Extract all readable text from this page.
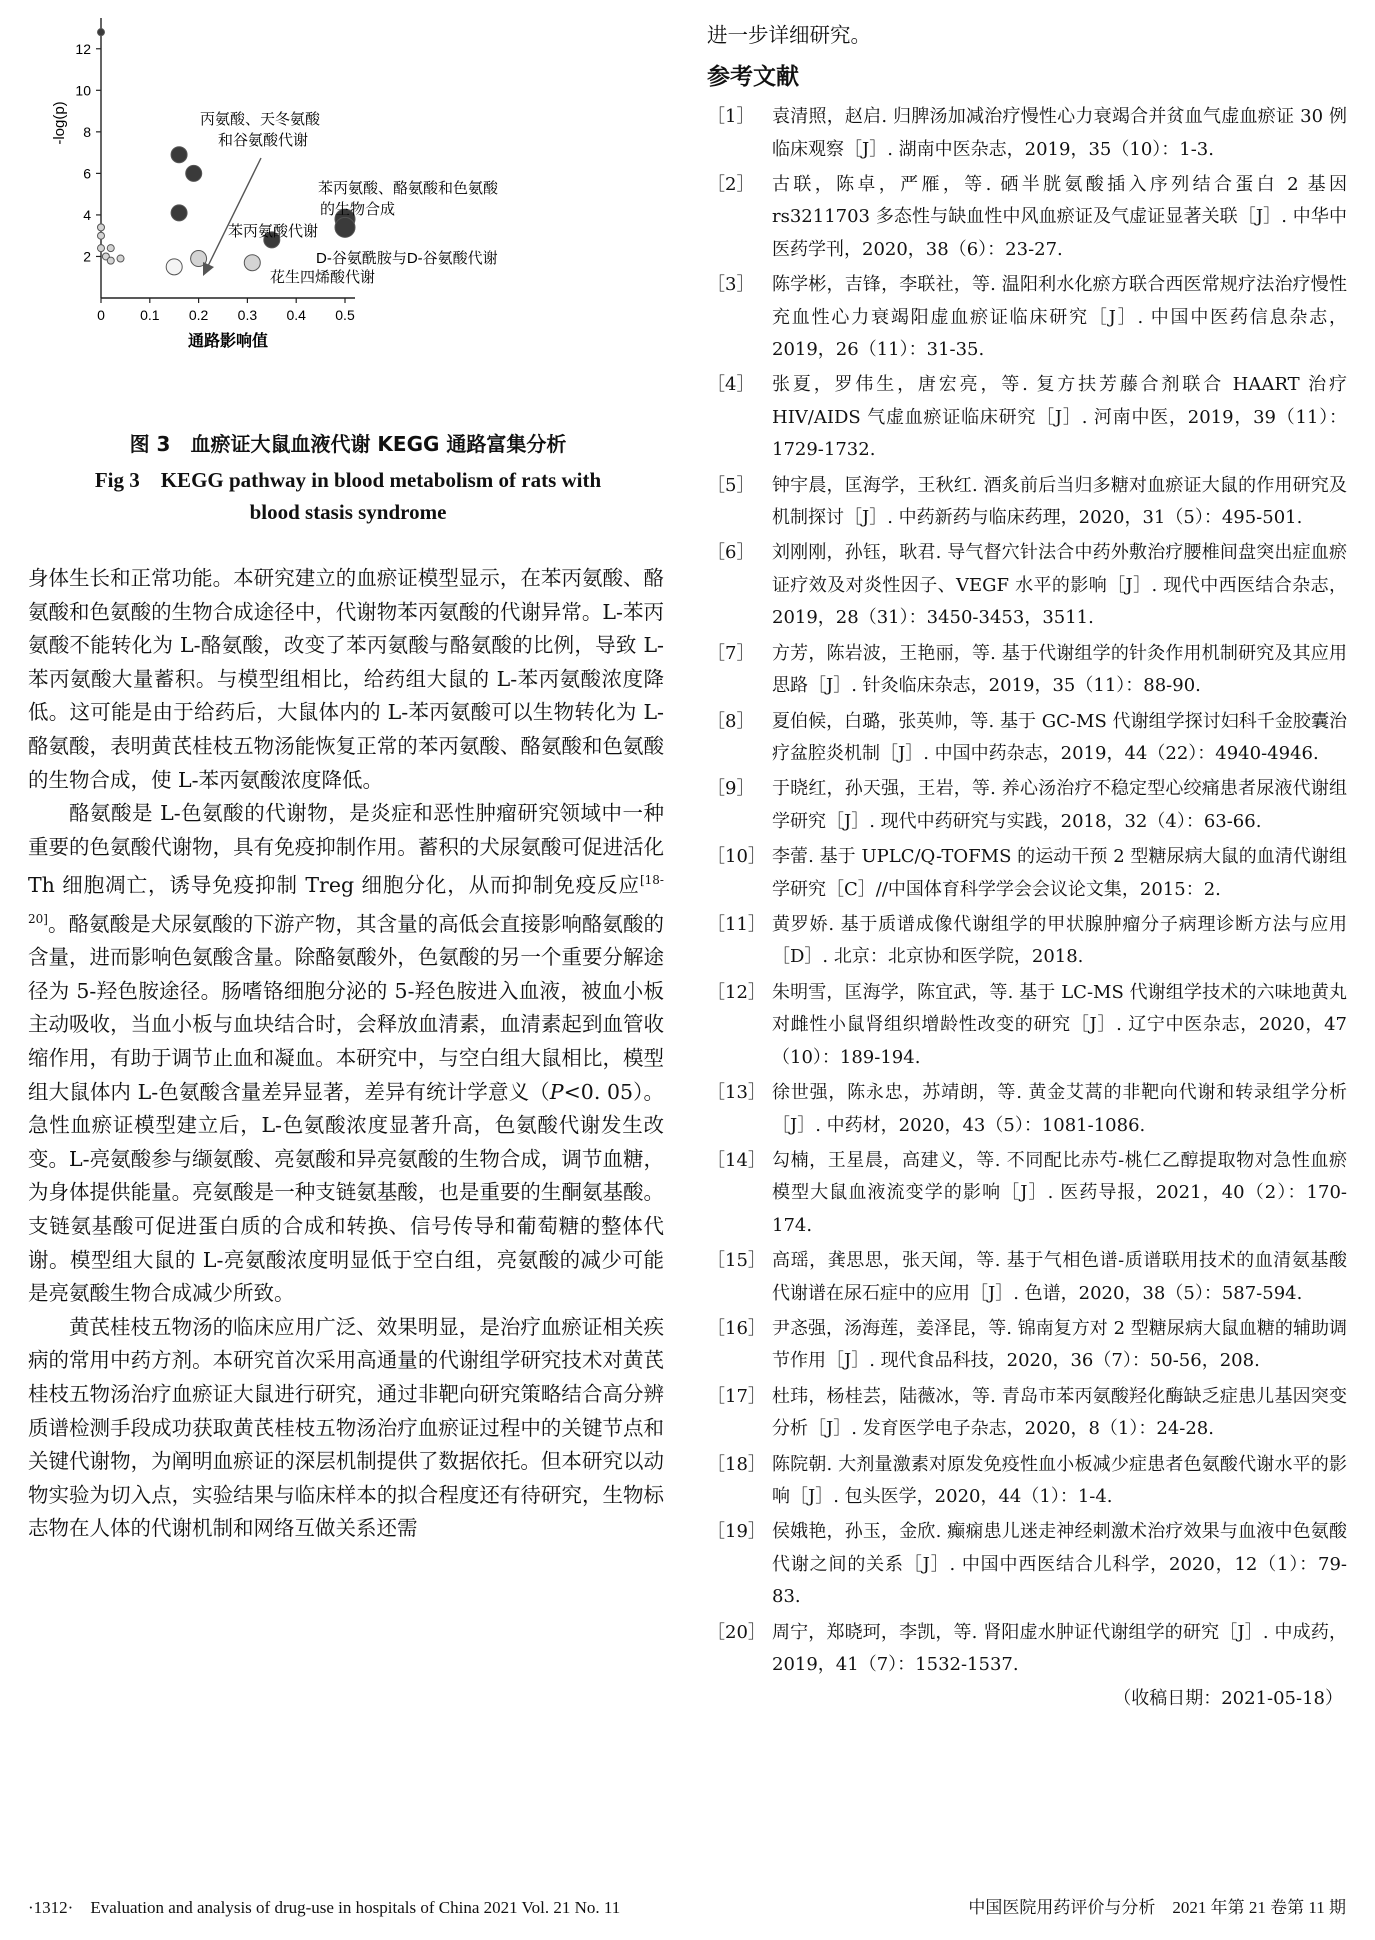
2
4
6
8
10
12
0	0.1 0.2 0.3 0.4 0.5
-log(p)
通路影响值
丙氨酸、天冬氨酸
和谷氨酸代谢
苯丙氨酸、酪氨酸和色氨酸
的生物合成
苯丙氨酸代谢
D-谷氨酰胺与D-谷氨酸代谢
花生四烯酸代谢
图 3　血瘀证大鼠血液代谢 KEGG 通路富集分析
Fig 3　KEGG pathway in blood metabolism of rats with
blood stasis syndrome

身体生长和正常功能。本研究建立的血瘀证模型显示，在苯丙氨酸、酪氨酸和色氨酸的生物合成途径中，代谢物苯丙氨酸的代谢异常。L-苯丙氨酸不能转化为 L-酪氨酸，改变了苯丙氨酸与酪氨酸的比例，导致 L-苯丙氨酸大量蓄积。与模型组相比，给药组大鼠的 L-苯丙氨酸浓度降低。这可能是由于给药后，大鼠体内的 L-苯丙氨酸可以生物转化为 L-酪氨酸，表明黄芪桂枝五物汤能恢复正常的苯丙氨酸、酪氨酸和色氨酸的生物合成，使 L-苯丙氨酸浓度降低。

酪氨酸是 L-色氨酸的代谢物，是炎症和恶性肿瘤研究领域中一种重要的色氨酸代谢物，具有免疫抑制作用。蓄积的犬尿氨酸可促进活化 Th 细胞凋亡，诱导免疫抑制 Treg 细胞分化，从而抑制免疫反应[18-20]。酪氨酸是犬尿氨酸的下游产物，其含量的高低会直接影响酪氨酸的含量，进而影响色氨酸含量。除酪氨酸外，色氨酸的另一个重要分解途径为 5-羟色胺途径。肠嗜铬细胞分泌的 5-羟色胺进入血液，被血小板主动吸收，当血小板与血块结合时，会释放血清素，血清素起到血管收缩作用，有助于调节止血和凝血。本研究中，与空白组大鼠相比，模型组大鼠体内 L-色氨酸含量差异显著，差异有统计学意义（P<0. 05）。急性血瘀证模型建立后，L-色氨酸浓度显著升高，色氨酸代谢发生改变。L-亮氨酸参与缬氨酸、亮氨酸和异亮氨酸的生物合成，调节血糖，为身体提供能量。亮氨酸是一种支链氨基酸，也是重要的生酮氨基酸。支链氨基酸可促进蛋白质的合成和转换、信号传导和葡萄糖的整体代谢。模型组大鼠的 L-亮氨酸浓度明显低于空白组，亮氨酸的减少可能是亮氨酸生物合成减少所致。

黄芪桂枝五物汤的临床应用广泛、效果明显，是治疗血瘀证相关疾病的常用中药方剂。本研究首次采用高通量的代谢组学研究技术对黄芪桂枝五物汤治疗血瘀证大鼠进行研究，通过非靶向研究策略结合高分辨质谱检测手段成功获取黄芪桂枝五物汤治疗血瘀证过程中的关键节点和关键代谢物，为阐明血瘀证的深层机制提供了数据依托。但本研究以动物实验为切入点，实验结果与临床样本的拟合程度还有待研究，生物标志物在人体的代谢机制和网络互做关系还需

进一步详细研究。
参考文献
［1］ 袁清照，赵启. 归脾汤加减治疗慢性心力衰竭合并贫血气虚血瘀证 30 例临床观察［J］. 湖南中医杂志，2019，35（10）：1-3.
［2］ 古联，陈卓，严雁，等. 硒半胱氨酸插入序列结合蛋白 2 基因 rs3211703 多态性与缺血性中风血瘀证及气虚证显著关联［J］. 中华中医药学刊，2020，38（6）：23-27.
［3］ 陈学彬，吉锋，李联社，等. 温阳利水化瘀方联合西医常规疗法治疗慢性充血性心力衰竭阳虚血瘀证临床研究［J］. 中国中医药信息杂志，2019，26（11）：31-35.
［4］ 张夏，罗伟生，唐宏亮，等. 复方扶芳藤合剂联合 HAART 治疗 HIV/AIDS 气虚血瘀证临床研究［J］. 河南中医，2019，39（11）：1729-1732.
［5］ 钟宇晨，匡海学，王秋红. 酒炙前后当归多糖对血瘀证大鼠的作用研究及机制探讨［J］. 中药新药与临床药理，2020，31（5）：495-501.
［6］ 刘刚刚，孙钰，耿君. 导气督穴针法合中药外敷治疗腰椎间盘突出症血瘀证疗效及对炎性因子、VEGF 水平的影响［J］. 现代中西医结合杂志，2019，28（31）：3450-3453，3511.
［7］ 方芳，陈岩波，王艳丽，等. 基于代谢组学的针灸作用机制研究及其应用思路［J］. 针灸临床杂志，2019，35（11）：88-90.
［8］ 夏伯候，白璐，张英帅，等. 基于 GC-MS 代谢组学探讨妇科千金胶囊治疗盆腔炎机制［J］. 中国中药杂志，2019，44（22）：4940-4946.
［9］ 于晓红，孙天强，王岩，等. 养心汤治疗不稳定型心绞痛患者尿液代谢组学研究［J］. 现代中药研究与实践，2018，32（4）：63-66.
［10］ 李蕾. 基于 UPLC/Q-TOFMS 的运动干预 2 型糖尿病大鼠的血清代谢组学研究［C］//中国体育科学学会会议论文集，2015：2.
［11］ 黄罗娇. 基于质谱成像代谢组学的甲状腺肿瘤分子病理诊断方法与应用［D］. 北京：北京协和医学院，2018.
［12］ 朱明雪，匡海学，陈宜武，等. 基于 LC-MS 代谢组学技术的六味地黄丸对雌性小鼠肾组织增龄性改变的研究［J］. 辽宁中医杂志，2020，47（10）：189-194.
［13］ 徐世强，陈永忠，苏靖朗，等. 黄金艾蒿的非靶向代谢和转录组学分析［J］. 中药材，2020，43（5）：1081-1086.
［14］ 勾楠，王星晨，高建义，等. 不同配比赤芍-桃仁乙醇提取物对急性血瘀模型大鼠血液流变学的影响［J］. 医药导报，2021，40（2）：170-174.
［15］ 高瑶，龚思思，张天闻，等. 基于气相色谱-质谱联用技术的血清氨基酸代谢谱在尿石症中的应用［J］. 色谱，2020，38（5）：587-594.
［16］ 尹忞强，汤海莲，姜泽昆，等. 锦南复方对 2 型糖尿病大鼠血糖的辅助调节作用［J］. 现代食品科技，2020，36（7）：50-56，208.
［17］ 杜玮，杨桂芸，陆薇冰，等. 青岛市苯丙氨酸羟化酶缺乏症患儿基因突变分析［J］. 发育医学电子杂志，2020，8（1）：24-28.
［18］ 陈院朝. 大剂量激素对原发免疫性血小板减少症患者色氨酸代谢水平的影响［J］. 包头医学，2020，44（1）：1-4.
［19］ 侯娥艳，孙玉，金欣. 癫痫患儿迷走神经刺激术治疗效果与血液中色氨酸代谢之间的关系［J］. 中国中西医结合儿科学，2020，12（1）：79-83.
［20］ 周宁，郑晓珂，李凯，等. 肾阳虚水肿证代谢组学的研究［J］. 中成药，2019，41（7）：1532-1537.
（收稿日期：2021-05-18）
·1312·　Evaluation and analysis of drug-use in hospitals of China 2021 Vol. 21 No. 11	中国医院用药评价与分析　2021 年第 21 卷第 11 期
